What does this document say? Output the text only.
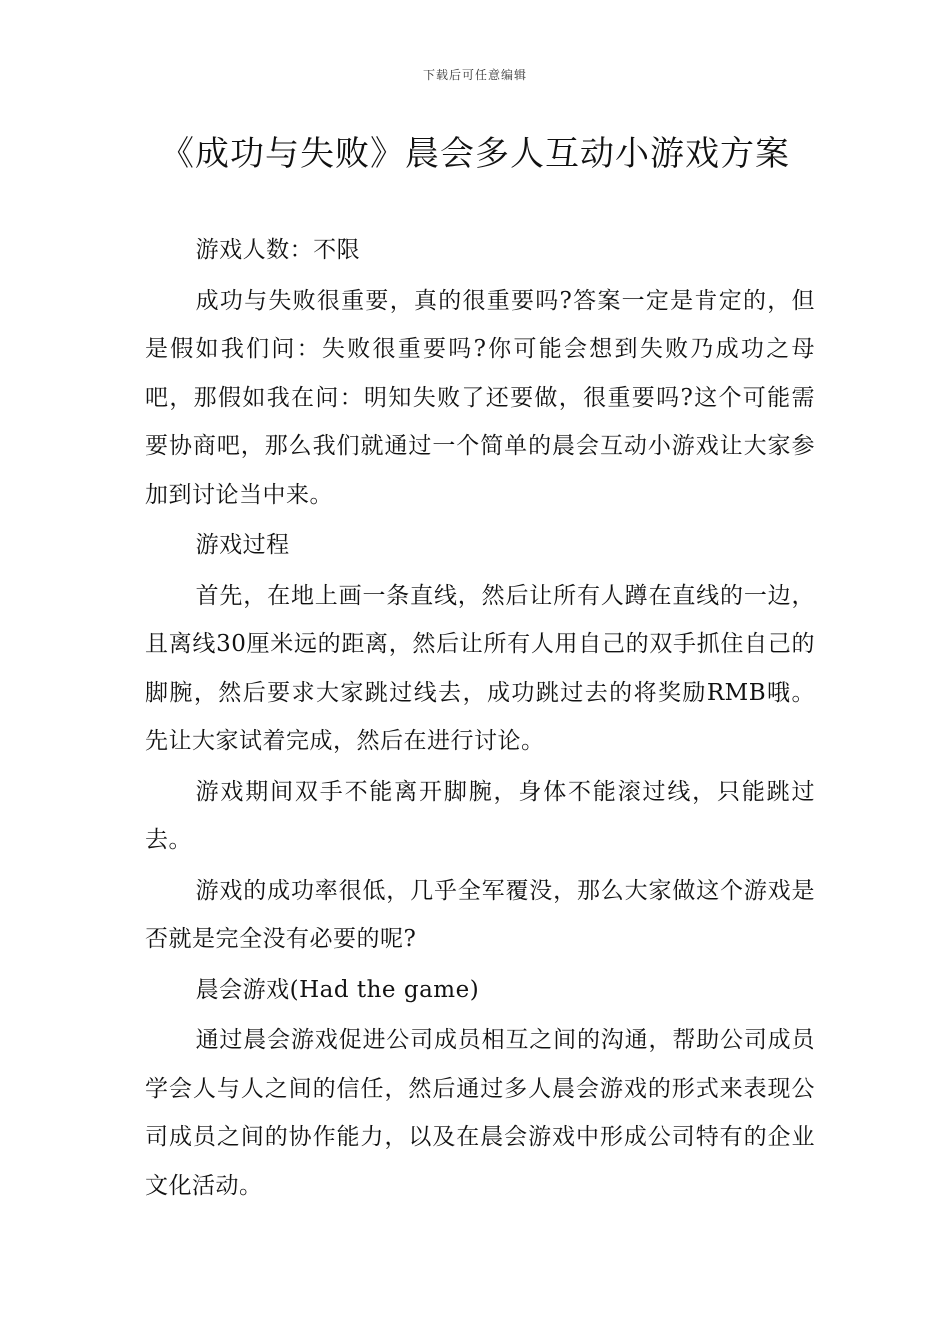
下载后可任意编辑
《成功与失败》晨会多人互动小游戏方案

游戏人数：不限

成功与失败很重要，真的很重要吗?答案一定是肯定的，但是假如我们问：失败很重要吗?你可能会想到失败乃成功之母吧，那假如我在问：明知失败了还要做，很重要吗?这个可能需要协商吧，那么我们就通过一个简单的晨会互动小游戏让大家参加到讨论当中来。

游戏过程

首先，在地上画一条直线，然后让所有人蹲在直线的一边，且离线30厘米远的距离，然后让所有人用自己的双手抓住自己的脚腕，然后要求大家跳过线去，成功跳过去的将奖励RMB哦。先让大家试着完成，然后在进行讨论。

游戏期间双手不能离开脚腕，身体不能滚过线，只能跳过去。

游戏的成功率很低，几乎全军覆没，那么大家做这个游戏是否就是完全没有必要的呢?

晨会游戏(Had the game)

通过晨会游戏促进公司成员相互之间的沟通，帮助公司成员学会人与人之间的信任，然后通过多人晨会游戏的形式来表现公司成员之间的协作能力，以及在晨会游戏中形成公司特有的企业文化活动。
